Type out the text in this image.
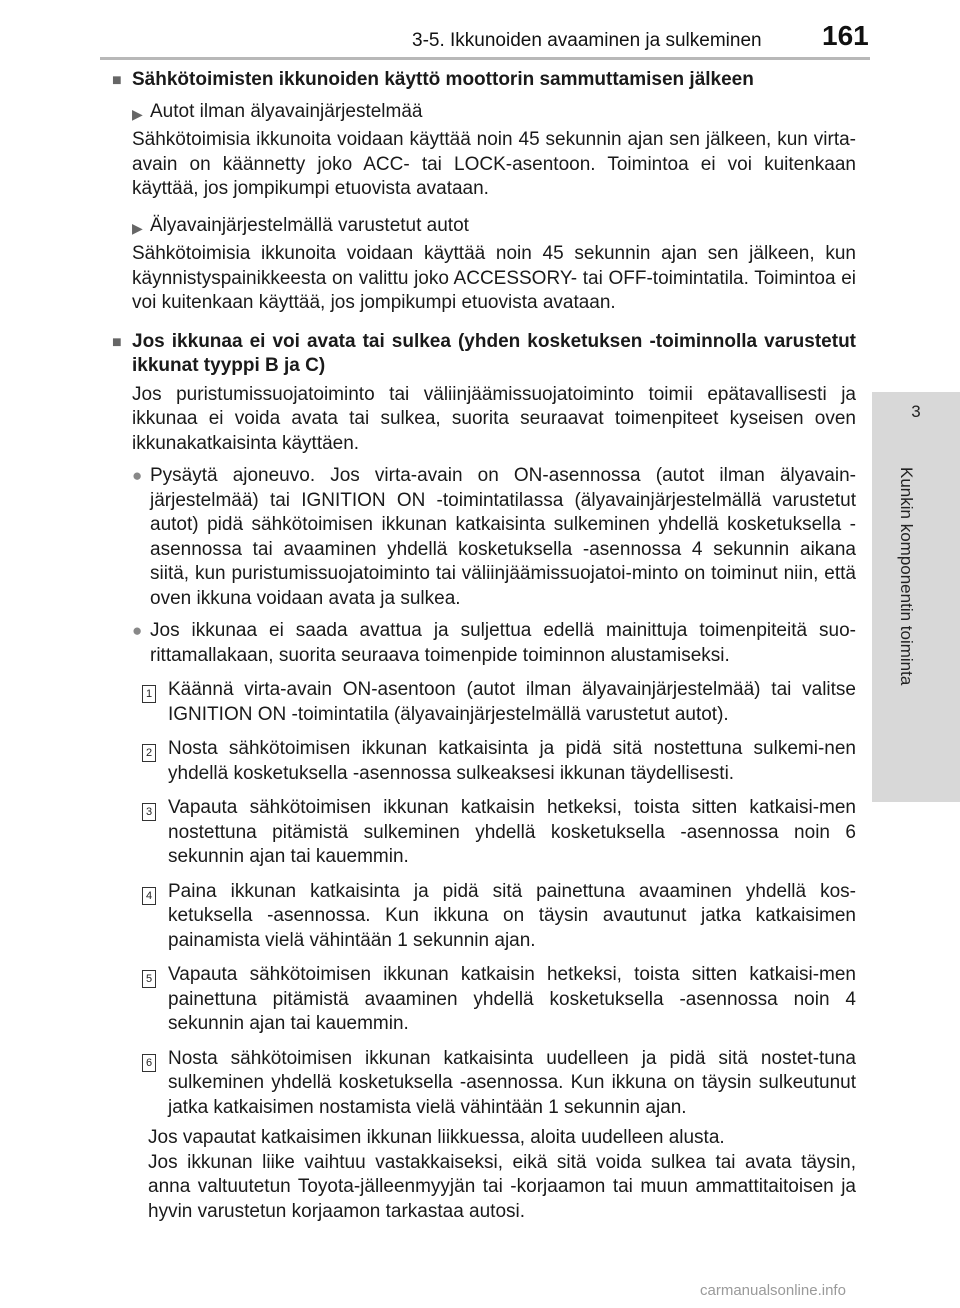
3-5. Ikkunoiden avaaminen ja sulkeminen 161
3
Kunkin komponentin toiminta
■ Sähkötoimisten ikkunoiden käyttö moottorin sammuttamisen jälkeen
▶ Autot ilman älyavainjärjestelmää

Sähkötoimisia ikkunoita voidaan käyttää noin 45 sekunnin ajan sen jälkeen, kun virta-avain on käännetty joko ACC- tai LOCK-asentoon. Toimintoa ei voi kuitenkaan käyttää, jos jompikumpi etuovista avataan.

▶ Älyavainjärjestelmällä varustetut autot

Sähkötoimisia ikkunoita voidaan käyttää noin 45 sekunnin ajan sen jälkeen, kun käynnistyspainikkeesta on valittu joko ACCESSORY- tai OFF-toimintatila. Toimintoa ei voi kuitenkaan käyttää, jos jompikumpi etuovista avataan.

■ Jos ikkunaa ei voi avata tai sulkea (yhden kosketuksen -toiminnolla varustetut ikkunat tyyppi B ja C)

Jos puristumissuojatoiminto tai väliinjäämissuojatoiminto toimii epätavallisesti ja ikkunaa ei voida avata tai sulkea, suorita seuraavat toimenpiteet kyseisen oven ikkunakatkaisinta käyttäen.

● Pysäytä ajoneuvo. Jos virta-avain on ON-asennossa (autot ilman älyavain-järjestelmää) tai IGNITION ON -toimintatilassa (älyavainjärjestelmällä varustetut autot) pidä sähkötoimisen ikkunan katkaisinta sulkeminen yhdellä kosketuksella -asennossa tai avaaminen yhdellä kosketuksella -asennossa 4 sekunnin aikana siitä, kun puristumissuojatoiminto tai väliinjäämissuojatoi-minto on toiminut niin, että oven ikkuna voidaan avata ja sulkea.
● Jos ikkunaa ei saada avattua ja suljettua edellä mainittuja toimenpiteitä suo-rittamallakaan, suorita seuraava toimenpide toiminnon alustamiseksi.
1 Käännä virta-avain ON-asentoon (autot ilman älyavainjärjestelmää) tai valitse IGNITION ON -toimintatila (älyavainjärjestelmällä varustetut autot).
2 Nosta sähkötoimisen ikkunan katkaisinta ja pidä sitä nostettuna sulkemi-nen yhdellä kosketuksella -asennossa sulkeaksesi ikkunan täydellisesti.
3 Vapauta sähkötoimisen ikkunan katkaisin hetkeksi, toista sitten katkaisi-men nostettuna pitämistä sulkeminen yhdellä kosketuksella -asennossa noin 6 sekunnin ajan tai kauemmin.
4 Paina ikkunan katkaisinta ja pidä sitä painettuna avaaminen yhdellä kos-ketuksella -asennossa. Kun ikkuna on täysin avautunut jatka katkaisimen painamista vielä vähintään 1 sekunnin ajan.
5 Vapauta sähkötoimisen ikkunan katkaisin hetkeksi, toista sitten katkaisi-men painettuna pitämistä avaaminen yhdellä kosketuksella -asennossa noin 4 sekunnin ajan tai kauemmin.
6 Nosta sähkötoimisen ikkunan katkaisinta uudelleen ja pidä sitä nostet-tuna sulkeminen yhdellä kosketuksella -asennossa. Kun ikkuna on täysin sulkeutunut jatka katkaisimen nostamista vielä vähintään 1 sekunnin ajan.

Jos vapautat katkaisimen ikkunan liikkuessa, aloita uudelleen alusta.

Jos ikkunan liike vaihtuu vastakkaiseksi, eikä sitä voida sulkea tai avata täysin, anna valtuutetun Toyota-jälleenmyyjän tai -korjaamon tai muun ammattitaitoisen ja hyvin varustetun korjaamon tarkastaa autosi.

carmanualsonline.info
